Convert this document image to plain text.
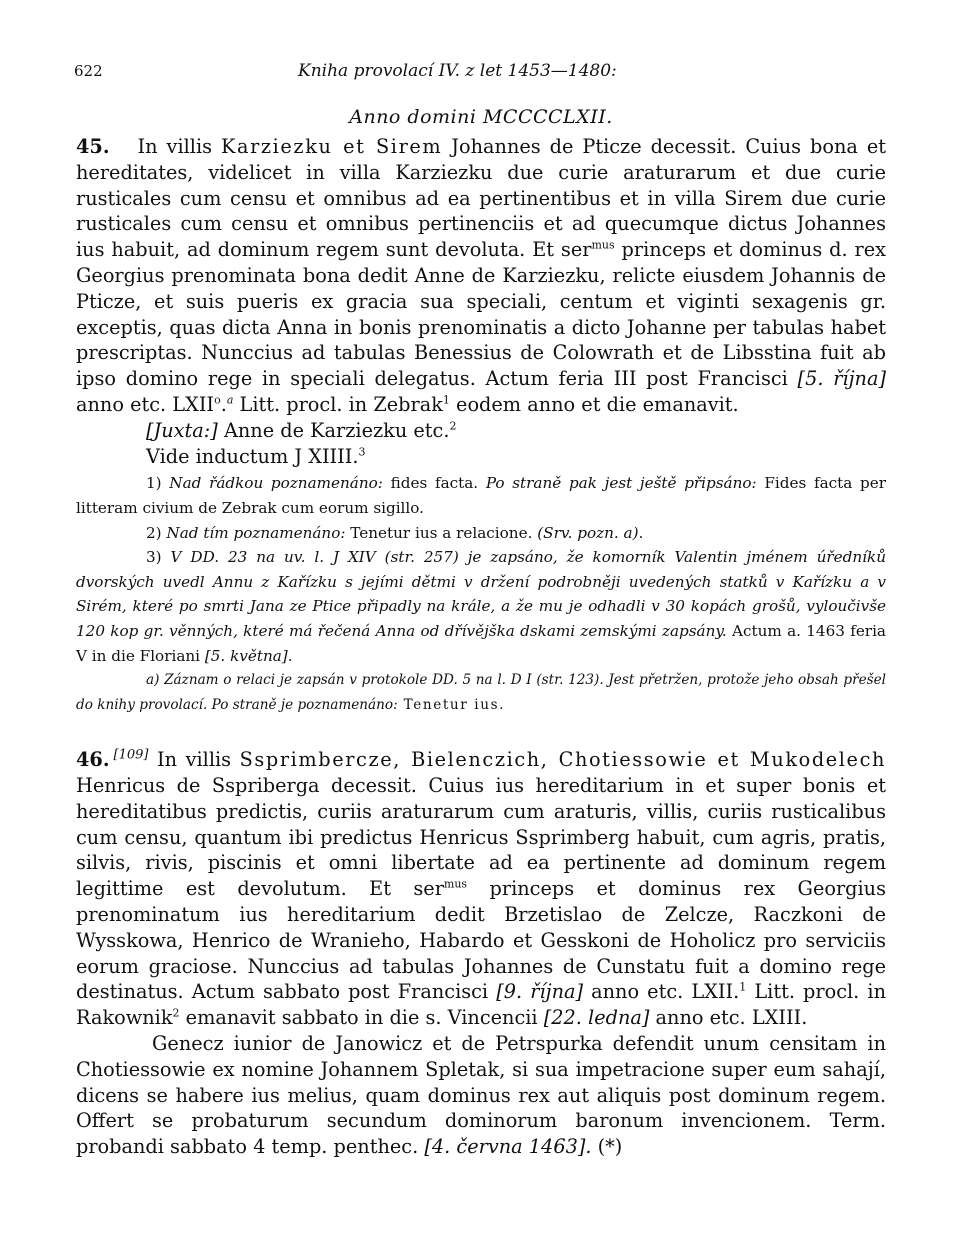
622	Kniha provolací IV. z let 1453—1480:
Anno domini MCCCCLXII.

45. In villis Karziezku et Sirem Johannes de Pticze decessit. Cuius bona et hereditates, videlicet in villa Karziezku due curie araturarum et due curie rusticales cum censu et omnibus ad ea pertinentibus et in villa Sirem due curie rusticales cum censu et omnibus pertinenciis et ad quecumque dictus Johannes ius habuit, ad dominum regem sunt devoluta. Et ser$^{mus}$ princeps et dominus d. rex Georgius prenominata bona dedit Anne de Karziezku, relicte eiusdem Johannis de Pticze, et suis pueris ex gracia sua speciali, centum et viginti sexagenis gr. exceptis, quas dicta Anna in bonis prenominatis a dicto Johanne per tabulas habet prescriptas. Nunccius ad tabulas Benessius de Colowrath et de Libsstina fuit ab ipso domino rege in speciali delegatus. Actum feria III post Francisci [5. října] anno etc. LXII$^o$.$^a$ Litt. procl. in Zebrak$^1$ eodem anno et die emanavit.

[Juxta:] Anne de Karziezku etc.$^2$

Vide inductum J XIIII.$^3$

1) Nad řádkou poznamenáno: fides facta. Po straně pak jest ještě připsáno: Fides facta per litteram civium de Zebrak cum eorum sigillo.

2) Nad tím poznamenáno: Tenetur ius a relacione. (Srv. pozn. a).

3) V DD. 23 na uv. l. J XIV (str. 257) je zapsáno, že komorník Valentin jménem úředníků dvorských uvedl Annu z Kařízku s jejími dětmi v držení podrobněji uvedených statků v Kařízku a v Sirém, které po smrti Jana ze Ptice připadly na krále, a že mu je odhadli v 30 kopách grošů, vyloučivše 120 kop gr. věnných, které má řečená Anna od dřívějška dskami zemskými zapsány. Actum a. 1463 feria V in die Floriani [5. května].

a) Záznam o relaci je zapsán v protokole DD. 5 na l. D I (str. 123). Jest přetržen, protože jeho obsah přešel do knihy provolací. Po straně je poznamenáno: Tenetur ius.

46. [109] In villis Ssprimbercze, Bielenczich, Chotiessowie et Mukodelech Henricus de Sspriberga decessit. Cuius ius hereditarium in et super bonis et hereditatibus predictis, curiis araturarum cum araturis, villis, curiis rusticalibus cum censu, quantum ibi predictus Henricus Ssprimberg habuit, cum agris, pratis, silvis, rivis, piscinis et omni libertate ad ea pertinente ad dominum regem legittime est devolutum. Et ser$^{mus}$ princeps et dominus rex Georgius prenominatum ius hereditarium dedit Brzetislao de Zelcze, Raczkoni de Wysskowa, Henrico de Wranieho, Habardo et Gesskoni de Hoholicz pro serviciis eorum graciose. Nunccius ad tabulas Johannes de Cunstatu fuit a domino rege destinatus. Actum sabbato post Francisci [9. října] anno etc. LXII.$^1$ Litt. procl. in Rakownik$^2$ emanavit sabbato in die s. Vincencii [22. ledna] anno etc. LXIII.

Genecz iunior de Janowicz et de Petrspurka defendit unum censitam in Chotiessowie ex nomine Johannem Spletak, si sua impetracione super eum sahají, dicens se habere ius melius, quam dominus rex aut aliquis post dominum regem. Offert se probaturum secundum dominorum baronum invencionem. Term. probandi sabbato 4 temp. penthec. [4. června 1463]. (*)
